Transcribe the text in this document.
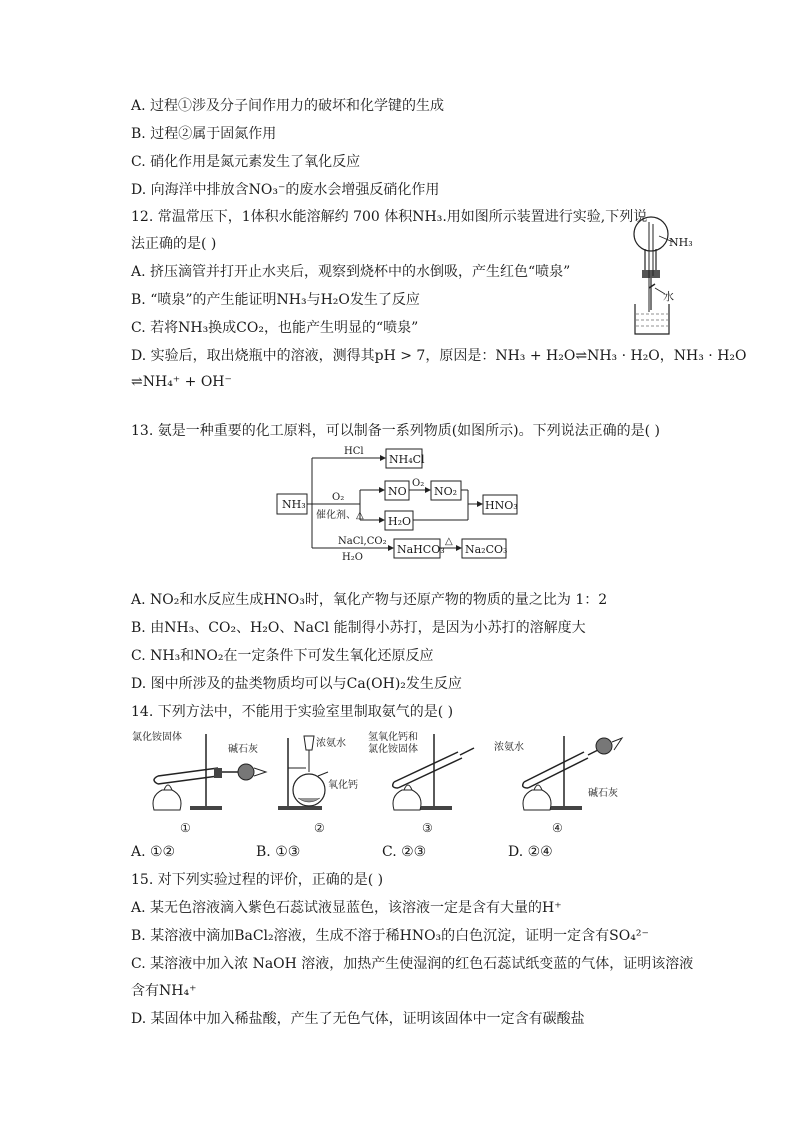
A. 过程①涉及分子间作用力的破坏和化学键的生成
B. 过程②属于固氮作用
C. 硝化作用是氮元素发生了氧化反应
D. 向海洋中排放含NO₃⁻的废水会增强反硝化作用
12. 常温常压下，1体积水能溶解约 700 体积NH₃.用如图所示装置进行实验,下列说
法正确的是( )
A. 挤压滴管并打开止水夹后，观察到烧杯中的水倒吸，产生红色“喷泉”
B. “喷泉”的产生能证明NH₃与H₂O发生了反应
C. 若将NH₃换成CO₂，也能产生明显的“喷泉”
D. 实验后，取出烧瓶中的溶液，测得其pH > 7，原因是：NH₃ + H₂O⇌NH₃ · H₂O，NH₃ · H₂O
⇌NH₄⁺ + OH⁻
NH₃
水
13. 氨是一种重要的化工原料，可以制备一系列物质(如图所示)。下列说法正确的是( )
NH₃
HCl
NH₄Cl
O₂
催化剂、△
NO
O₂
NO₂
H₂O
HNO₃
NaCl,CO₂
H₂O
NaHCO₃
△
Na₂CO₃
A. NO₂和水反应生成HNO₃时，氧化产物与还原产物的物质的量之比为 1：2
B. 由NH₃、CO₂、H₂O、NaCl 能制得小苏打，是因为小苏打的溶解度大
C. NH₃和NO₂在一定条件下可发生氧化还原反应
D. 图中所涉及的盐类物质均可以与Ca(OH)₂发生反应
14. 下列方法中，不能用于实验室里制取氨气的是( )
氯化铵固体
碱石灰
①
浓氨水
氧化钙
②
氢氧化钙和
氯化铵固体
③
浓氨水
碱石灰
④
A. ①②	B. ①③	C. ②③	D. ②④
15. 对下列实验过程的评价，正确的是( )
A. 某无色溶液滴入紫色石蕊试液显蓝色，该溶液一定是含有大量的H⁺
B. 某溶液中滴加BaCl₂溶液，生成不溶于稀HNO₃的白色沉淀，证明一定含有SO₄²⁻
C. 某溶液中加入浓 NaOH 溶液，加热产生使湿润的红色石蕊试纸变蓝的气体，证明该溶液
含有NH₄⁺
D. 某固体中加入稀盐酸，产生了无色气体，证明该固体中一定含有碳酸盐
